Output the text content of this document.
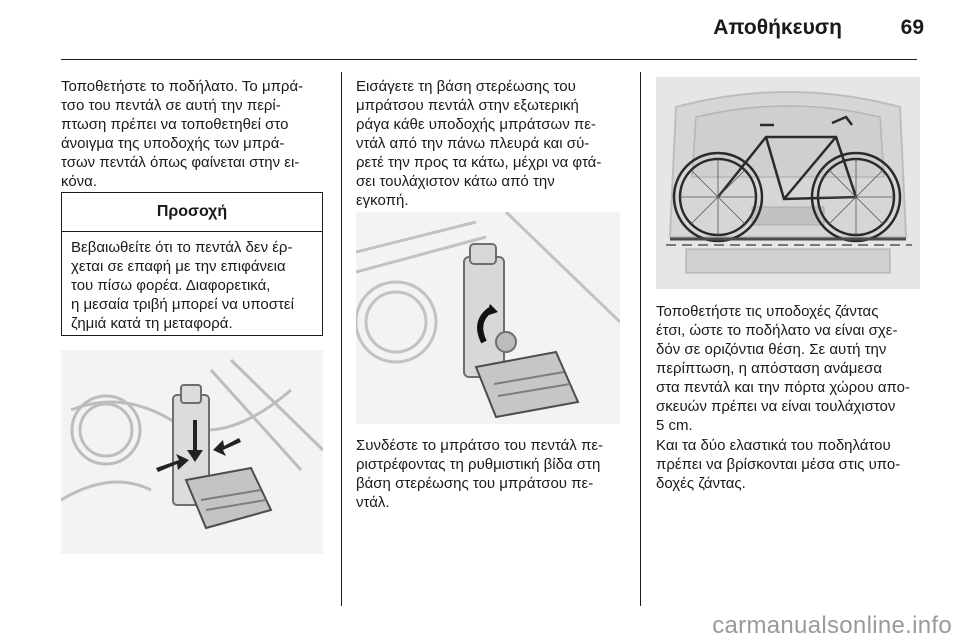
Αποθήκευση	69

Τοποθετήστε το ποδήλατο. Το μπρά-
τσο του πεντάλ σε αυτή την περί-
πτωση πρέπει να τοποθετηθεί στο
άνοιγμα της υποδοχής των μπρά-
τσων πεντάλ όπως φαίνεται στην ει-
κόνα.

Προσοχή

Βεβαιωθείτε ότι το πεντάλ δεν έρ-
χεται σε επαφή με την επιφάνεια
του πίσω φορέα. Διαφορετικά,
η μεσαία τριβή μπορεί να υποστεί
ζημιά κατά τη μεταφορά.

Εισάγετε τη βάση στερέωσης του
μπράτσου πεντάλ στην εξωτερική
ράγα κάθε υποδοχής μπράτσων πε-
ντάλ από την πάνω πλευρά και σύ-
ρετέ την προς τα κάτω, μέχρι να φτά-
σει τουλάχιστον κάτω από την
εγκοπή.

Συνδέστε το μπράτσο του πεντάλ πε-
ριστρέφοντας τη ρυθμιστική βίδα στη
βάση στερέωσης του μπράτσου πε-
ντάλ.

Τοποθετήστε τις υποδοχές ζάντας
έτσι, ώστε το ποδήλατο να είναι σχε-
δόν σε οριζόντια θέση. Σε αυτή την
περίπτωση, η απόσταση ανάμεσα
στα πεντάλ και την πόρτα χώρου απο-
σκευών πρέπει να είναι τουλάχιστον
5 cm.

Και τα δύο ελαστικά του ποδηλάτου
πρέπει να βρίσκονται μέσα στις υπο-
δοχές ζάντας.

carmanualsonline.info
